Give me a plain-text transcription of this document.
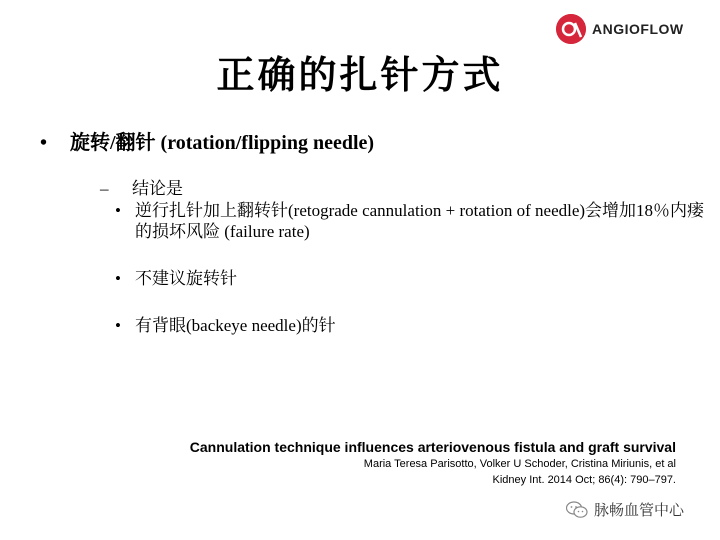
ANGIOFLOW
正确的扎针方式
• 旋转/翻针 (rotation/flipping needle)
– 结论是
• 逆行扎针加上翻转针(retograde cannulation + rotation of needle)会增加18％内瘘的损坏风险 (failure rate)
• 不建议旋转针
• 有背眼(backeye needle)的针
Cannulation technique influences arteriovenous fistula and graft survival
Maria Teresa Parisotto, Volker U Schoder, Cristina Miriunis, et al
Kidney Int. 2014 Oct; 86(4): 790–797.
脉畅血管中心
